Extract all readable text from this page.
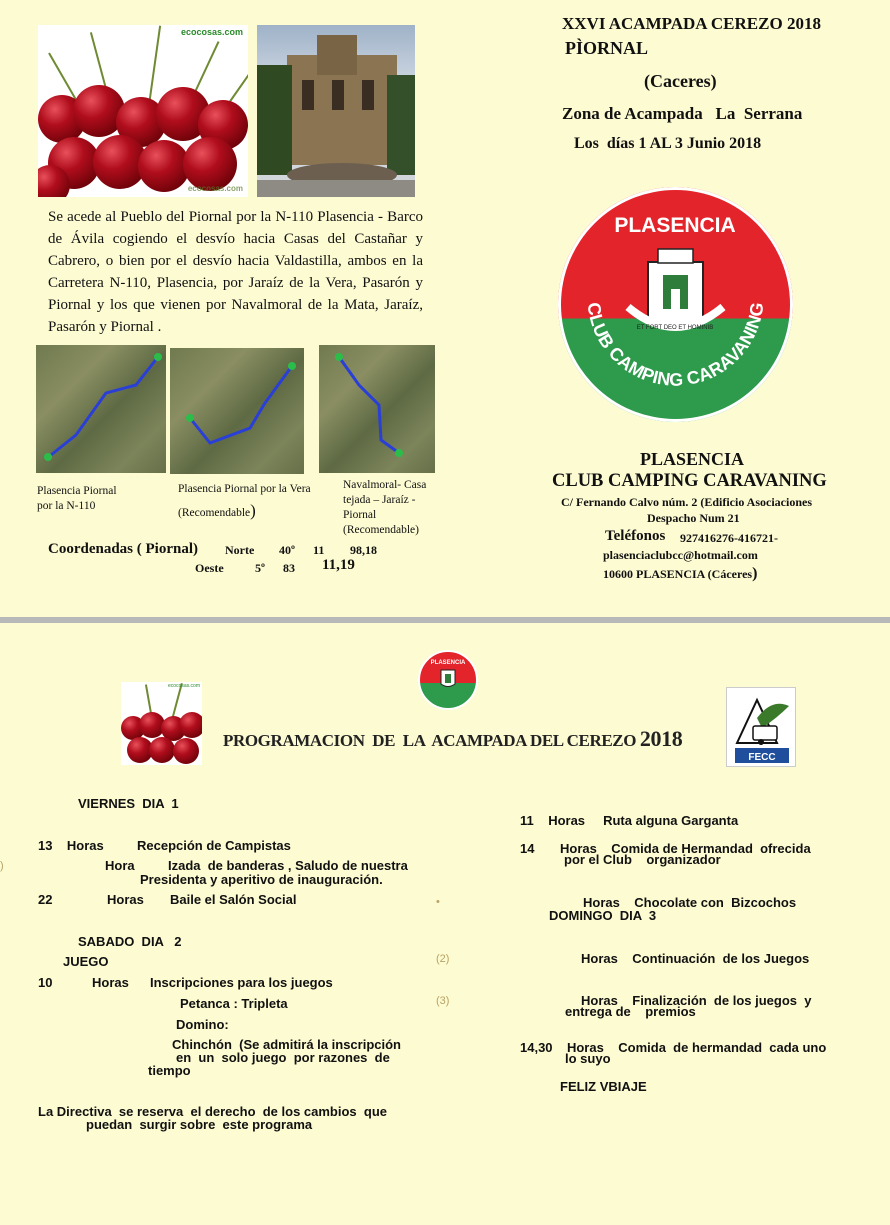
ecocosas.com
ecocosas.com
XXVI ACAMPADA CEREZO 2018
PÌORNAL
(Caceres)
Zona de Acampada   La  Serrana
Los  días 1 AL 3 Junio 2018
Se acede al Pueblo del Piornal por la N-110 Plasencia - Barco de Ávila cogiendo el desvío hacia Casas del Castañar y Cabrero, o bien por el desvío hacia Valdastilla, ambos en la Carretera N-110, Plasencia, por Jaraíz de la Vera, Pasarón y Piornal y los que vienen por Navalmoral de la Mata, Jaraíz, Pasarón y Piornal .
Plasencia Piornal
por la N-110
Plasencia Piornal por la Vera
(Recomendable)
Navalmoral- Casa
tejada – Jaraíz -
Piornal
(Recomendable)
Coordenadas ( Piornal) Norte 40º 11 98,18
Oeste	5º 83 11,19
PLASENCIA
CLUB CAMPING CARAVANING
ET FORT DEO ET HOMINIB
PLASENCIA
CLUB CAMPING CARAVANING
C/ Fernando Calvo núm. 2 (Edificio Asociaciones
Despacho Num 21
Teléfonos 927416276-416721-
plasenciaclubcc@hotmail.com
10600 PLASENCIA (Cáceres)
PLASENCIA
ecocosas.com
PROGRAMACION  DE  LA  ACAMPADA DEL CEREZO 2018
FECC
VIERNES  DIA  1
13    Horas	Recepción de Campistas
)	Hora	Izada  de banderas , Saludo de nuestra
Presidenta y aperitivo de inauguración.
22	Horas Baile el Salón Social
SABADO  DIA   2
JUEGO
10	Horas Inscripciones para los juegos
Petanca : Tripleta
Domino:
Chinchón  (Se admitirá la inscripción
en  un  solo juego  por razones  de
tiempo
La Directiva  se reserva  el derecho  de los cambios  que
puedan  surgir sobre  este programa
•
(2)
(3)
11    Horas     Ruta alguna Garganta
14 Horas    Comida de Hermandad  ofrecida
por el Club    organizador
Horas    Chocolate con  Bizcochos
DOMINGO  DIA  3
Horas    Continuación  de los Juegos
Horas    Finalización  de los juegos  y
entrega de    premios
14,30    Horas    Comida  de hermandad  cada uno
lo suyo
FELIZ VBIAJE
